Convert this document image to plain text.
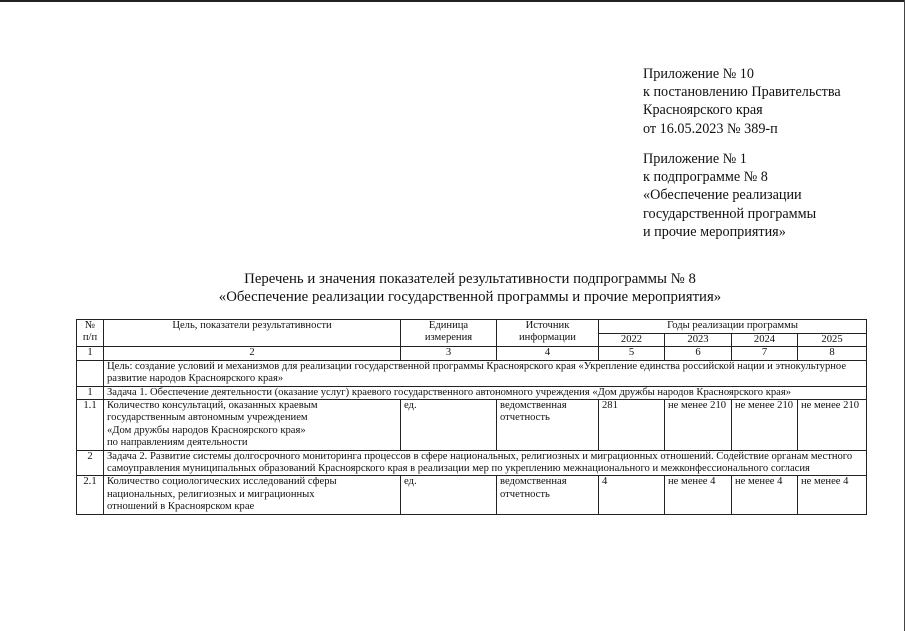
Приложение № 10
к постановлению Правительства
Красноярского края
от 16.05.2023 № 389-п
Приложение № 1
к подпрограмме № 8
«Обеспечение реализации
государственной программы
и прочие мероприятия»
Перечень и значения показателей результативности подпрограммы № 8
«Обеспечение реализации государственной программы и прочие мероприятия»
№ п/п	Цель, показатели результативности	Единица измерения	Источник информации	Годы реализации программы			
				2022	2023	2024	2025
1	2	3	4	5	6	7	8
	Цель: создание условий и механизмов для реализации государственной программы Красноярского края «Укрепление единства российской нации и этнокультурное развитие народов Красноярского края»						
1	Задача 1. Обеспечение деятельности (оказание услуг) краевого государственного автономного учреждения «Дом дружбы народов Красноярского края»						
1.1	Количество консультаций, оказанных краевым
государственным автономным учреждением
«Дом дружбы народов Красноярского края»
по направлениям деятельности	ед.	ведомственная отчетность	281	не менее 210	не менее 210	не менее 210
2	Задача 2. Развитие системы долгосрочного мониторинга процессов в сфере национальных, религиозных и миграционных отношений. Содействие органам местного самоуправления муниципальных образований Красноярского края в реализации мер по укреплению межнационального и межконфессионального согласия						
2.1	Количество социологических исследований сферы
национальных, религиозных и миграционных
отношений в Красноярском крае	ед.	ведомственная отчетность	4	не менее 4	не менее 4	не менее 4
